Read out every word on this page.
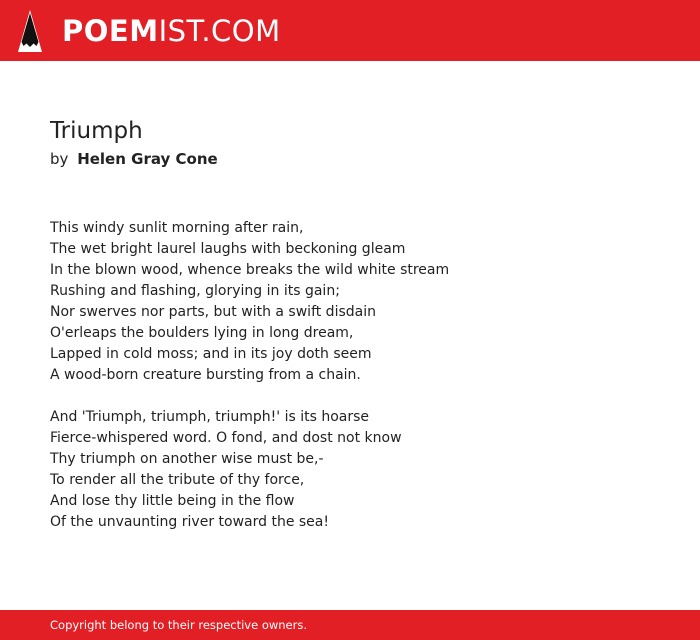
POEMIST.COM
Triumph
by Helen Gray Cone
This windy sunlit morning after rain,
The wet bright laurel laughs with beckoning gleam
In the blown wood, whence breaks the wild white stream
Rushing and flashing, glorying in its gain;
Nor swerves nor parts, but with a swift disdain
O'erleaps the boulders lying in long dream,
Lapped in cold moss; and in its joy doth seem
A wood-born creature bursting from a chain.
And 'Triumph, triumph, triumph!' is its hoarse
Fierce-whispered word. O fond, and dost not know
Thy triumph on another wise must be,-
To render all the tribute of thy force,
And lose thy little being in the flow
Of the unvaunting river toward the sea!
Copyright belong to their respective owners.
